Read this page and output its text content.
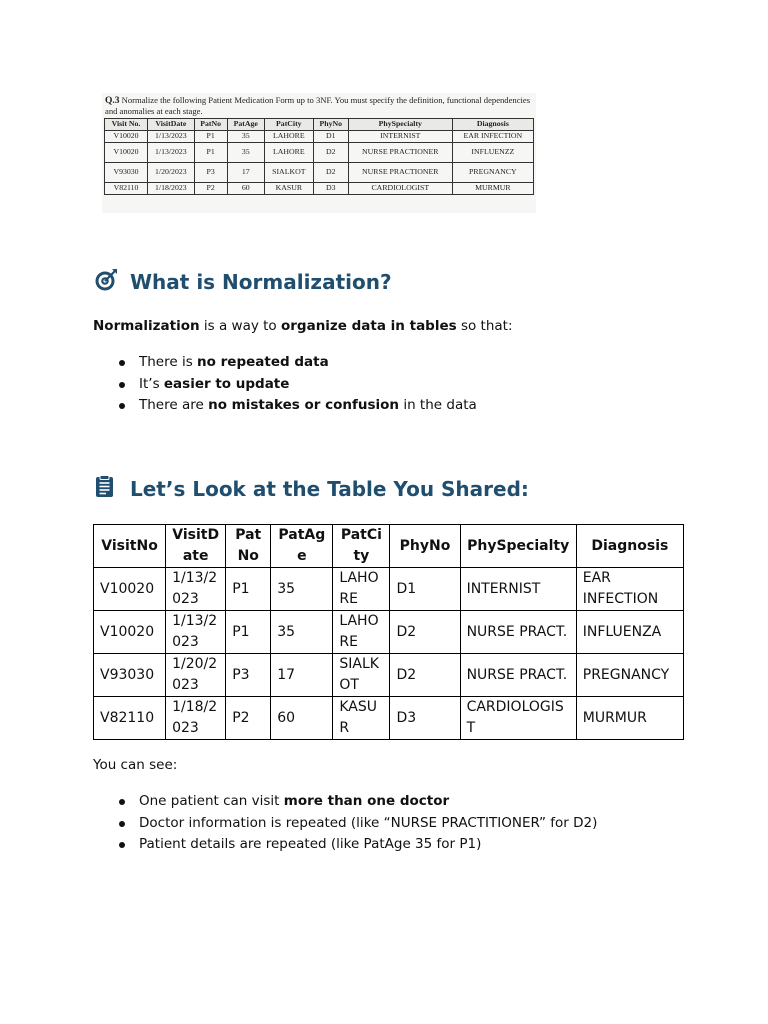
Q.3 Normalize the following Patient Medication Form up to 3NF. You must specify the definition, functional dependencies and anomalies at each stage.
Visit No.	VisitDate	PatNo	PatAge	PatCity	PhyNo	PhySpecialty	Diagnosis
V10020	1/13/2023	P1	35	LAHORE	D1	INTERNIST	EAR INFECTION
V10020	1/13/2023	P1	35	LAHORE	D2	NURSE PRACTIONER	INFLUENZZ
V93030	1/20/2023	P3	17	SIALKOT	D2	NURSE PRACTIONER	PREGNANCY
V82110	1/18/2023	P2	60	KASUR	D3	CARDIOLOGIST	MURMUR
What is Normalization?

Normalization is a way to organize data in tables so that:

There is no repeated data
It’s easier to update
There are no mistakes or confusion in the data
Let’s Look at the Table You Shared:
VisitNo	VisitDate	PatNo	PatAge	PatCity	PhyNo	PhySpecialty	Diagnosis
V10020	1/13/2023	P1	35	LAHORE	D1	INTERNIST	EAR INFECTION
V10020	1/13/2023	P1	35	LAHORE	D2	NURSE PRACT.	INFLUENZA
V93030	1/20/2023	P3	17	SIALKOT	D2	NURSE PRACT.	PREGNANCY
V82110	1/18/2023	P2	60	KASUR	D3	CARDIOLOGIST	MURMUR

You can see:

One patient can visit more than one doctor
Doctor information is repeated (like “NURSE PRACTITIONER” for D2)
Patient details are repeated (like PatAge 35 for P1)
